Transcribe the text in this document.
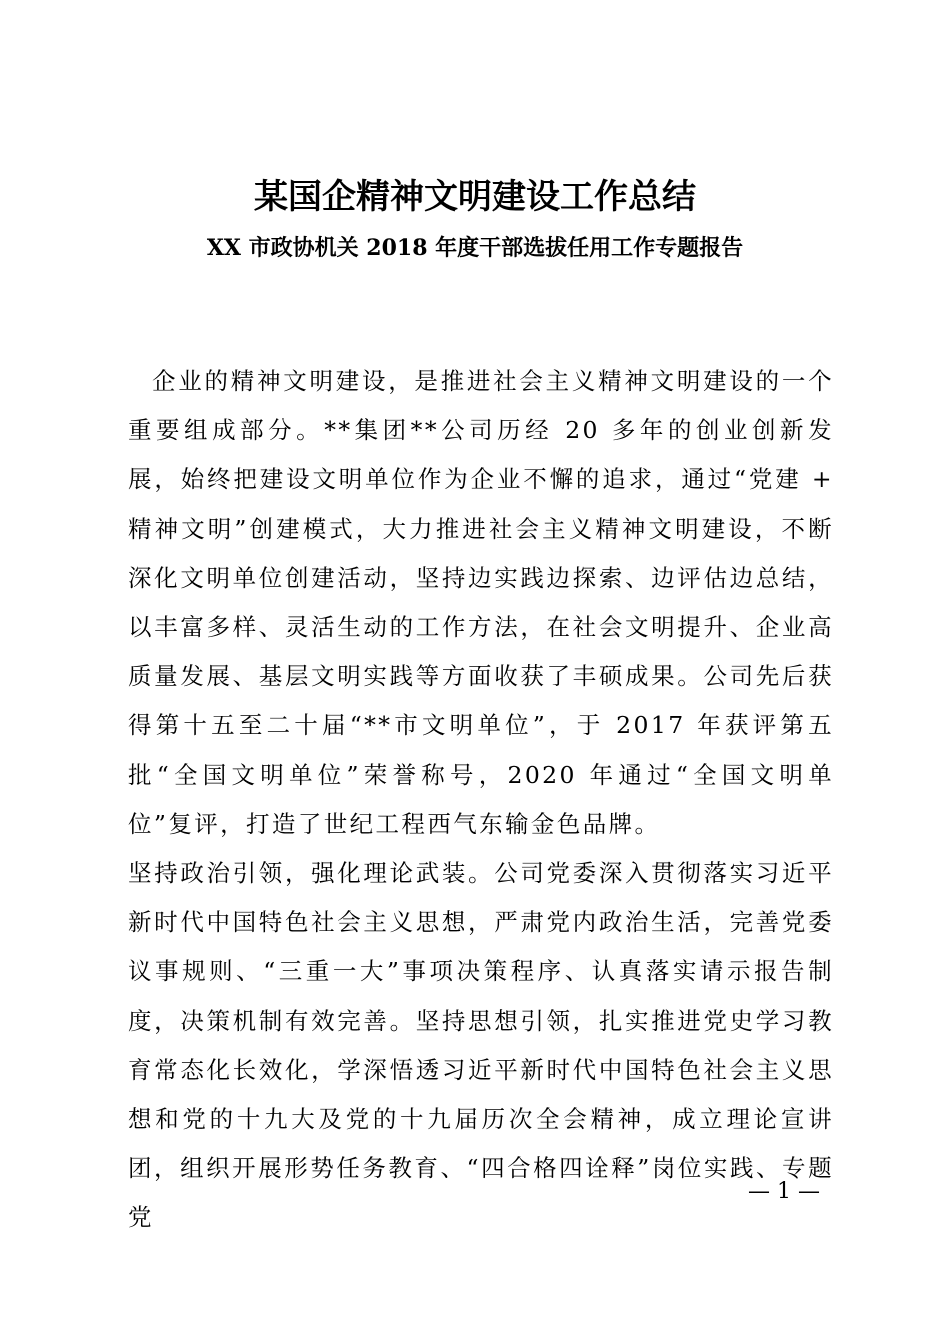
某国企精神文明建设工作总结
XX 市政协机关 2018 年度干部选拔任用工作专题报告

企业的精神文明建设，是推进社会主义精神文明建设的一个重要组成部分。**集团**公司历经 20 多年的创业创新发展，始终把建设文明单位作为企业不懈的追求，通过“党建 + 精神文明”创建模式，大力推进社会主义精神文明建设，不断深化文明单位创建活动，坚持边实践边探索、边评估边总结，以丰富多样、灵活生动的工作方法，在社会文明提升、企业高质量发展、基层文明实践等方面收获了丰硕成果。公司先后获得第十五至二十届“**市文明单位”，于 2017 年获评第五批“全国文明单位”荣誉称号，2020 年通过“全国文明单位”复评，打造了世纪工程西气东输金色品牌。

坚持政治引领，强化理论武装。公司党委深入贯彻落实习近平新时代中国特色社会主义思想，严肃党内政治生活，完善党委议事规则、“三重一大”事项决策程序、认真落实请示报告制度，决策机制有效完善。坚持思想引领，扎实推进党史学习教育常态化长效化，学深悟透习近平新时代中国特色社会主义思想和党的十九大及党的十九届历次全会精神，成立理论宣讲团，组织开展形势任务教育、“四合格四诠释”岗位实践、专题党

— 1 —
